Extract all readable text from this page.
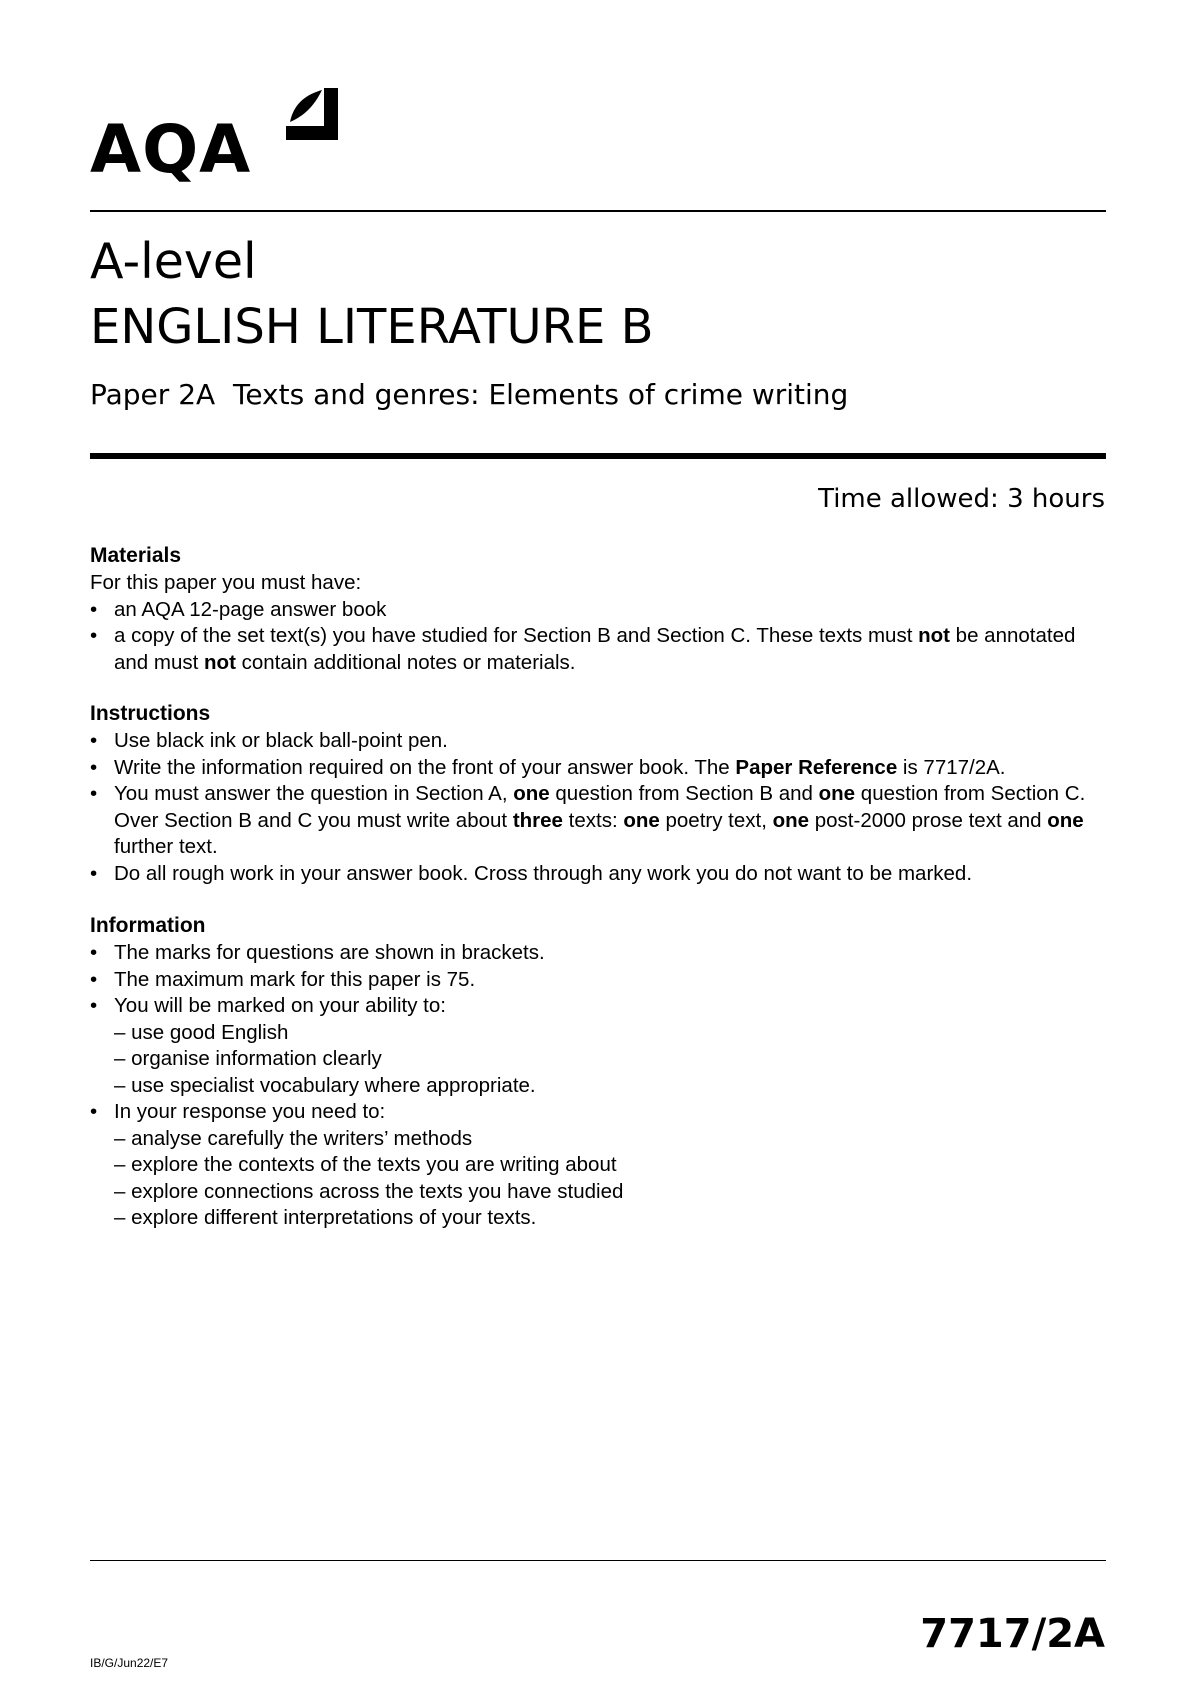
AQA
A-level
ENGLISH LITERATURE B
Paper 2A  Texts and genres: Elements of crime writing
Time allowed: 3 hours
Materials

For this paper you must have:

• an AQA 12-page answer book
• a copy of the set text(s) you have studied for Section B and Section C. These texts must not be annotated and must not contain additional notes or materials.
Instructions
• Use black ink or black ball-point pen.
• Write the information required on the front of your answer book. The Paper Reference is 7717/2A.
• You must answer the question in Section A, one question from Section B and one question from Section C. Over Section B and C you must write about three texts: one poetry text, one post-2000 prose text and one further text.
• Do all rough work in your answer book. Cross through any work you do not want to be marked.
Information
• The marks for questions are shown in brackets.
• The maximum mark for this paper is 75.
• You will be marked on your ability to:
– use good English
– organise information clearly
– use specialist vocabulary where appropriate.
• In your response you need to:
– analyse carefully the writers’ methods
– explore the contexts of the texts you are writing about
– explore connections across the texts you have studied
– explore different interpretations of your texts.
IB/G/Jun22/E7
7717/2A
